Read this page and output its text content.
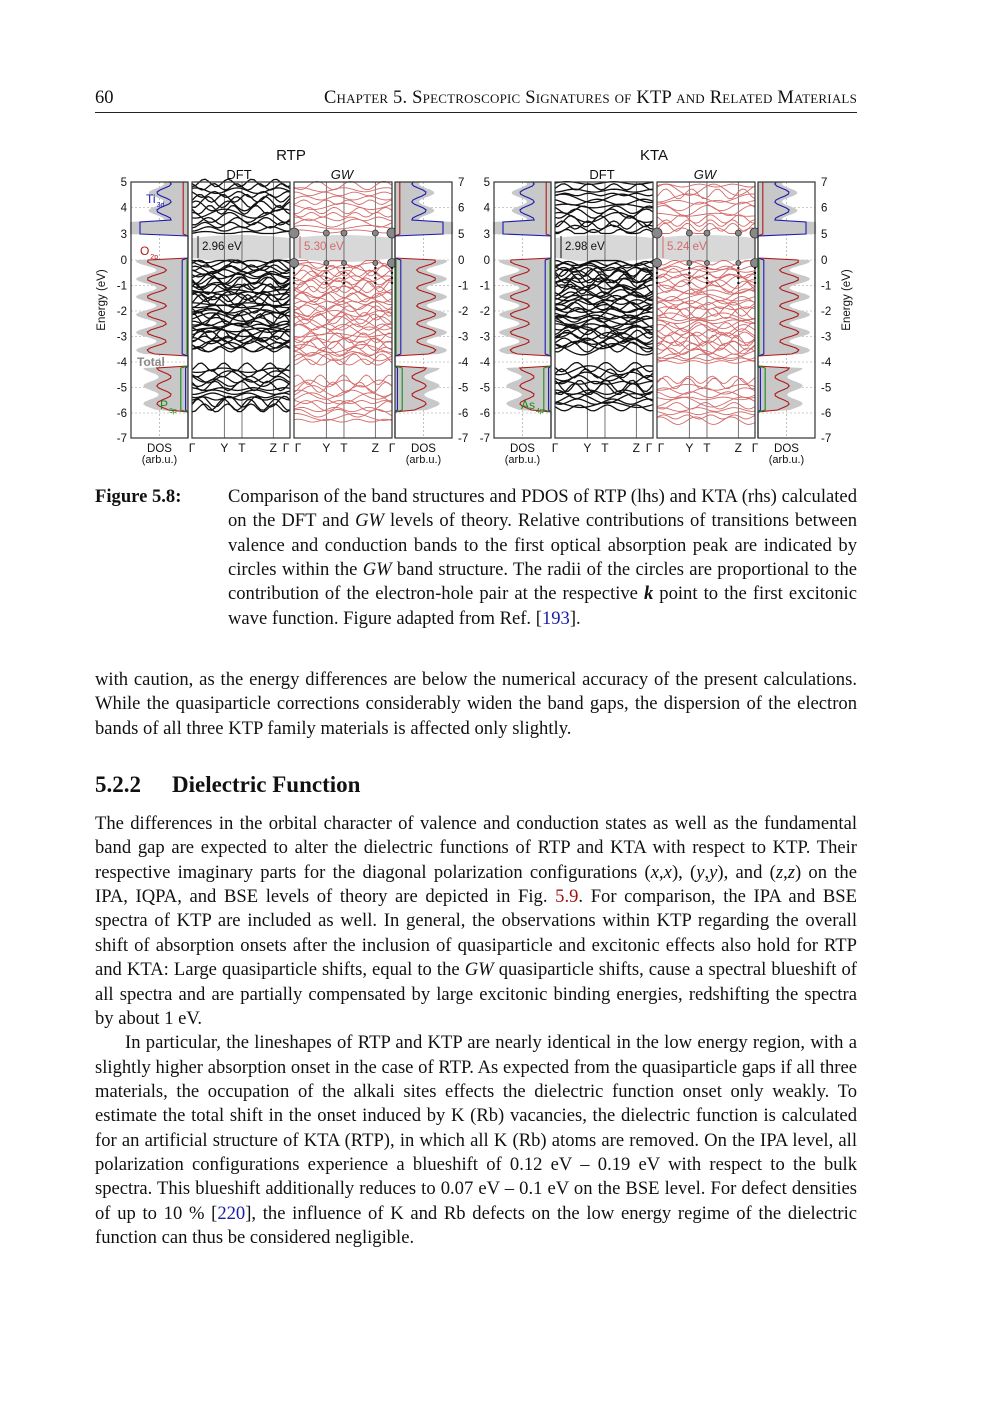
60	Chapter 5. Spectroscopic Signatures of KTP and Related Materials
RTP
DFT	GW
DOS
(arb.u.)
Γ Y T Z Γ
2.96 eV
Γ Y T Z Γ
5.30 eV
DOS
(arb.u.)
KTA
DFT	GW
DOS
(arb.u.)
Γ Y T Z Γ
2.98 eV
Γ Y T Z Γ
5.24 eV
DOS
(arb.u.)
5
4
3
0
-1
-2
-3
-4
-5
-6
-7
7
6
5
0
-1
-2
-3
-4
-5
-6
-7
5
4
3
0
-1
-2
-3
-4
-5
-6
-7
7
6
5
0
-1
-2
-3
-4
-5
-6
-7
Energy (eV)	Energy (eV)
Ti 3d
O 2p
Total
P 3p	As 4p
Figure 5.8:	Comparison of the band structures and PDOS of RTP (lhs) and KTA (rhs) calculated on the DFT and GW levels of theory. Relative contributions of transitions between valence and conduction bands to the first optical absorption peak are indicated by circles within the GW band structure. The radii of the circles are proportional to the contribution of the electron-hole pair at the respective k point to the first excitonic wave function. Figure adapted from Ref. [193].
with caution, as the energy differences are below the numerical accuracy of the present calculations. While the quasiparticle corrections considerably widen the band gaps, the dispersion of the electron bands of all three KTP family materials is affected only slightly.
5.2.2 Dielectric Function
The differences in the orbital character of valence and conduction states as well as the fundamental band gap are expected to alter the dielectric functions of RTP and KTA with respect to KTP. Their respective imaginary parts for the diagonal polarization configurations (x,x), (y,y), and (z,z) on the IPA, IQPA, and BSE levels of theory are depicted in Fig. 5.9. For comparison, the IPA and BSE spectra of KTP are included as well. In general, the observations within KTP regarding the overall shift of absorption onsets after the inclusion of quasiparticle and excitonic effects also hold for RTP and KTA: Large quasiparticle shifts, equal to the GW quasiparticle shifts, cause a spectral blueshift of all spectra and are partially compensated by large excitonic binding energies, redshifting the spectra by about 1 eV.
In particular, the lineshapes of RTP and KTP are nearly identical in the low energy region, with a slightly higher absorption onset in the case of RTP. As expected from the quasiparticle gaps if all three materials, the occupation of the alkali sites effects the dielectric function onset only weakly. To estimate the total shift in the onset induced by K (Rb) vacancies, the dielectric function is calculated for an artificial structure of KTA (RTP), in which all K (Rb) atoms are removed. On the IPA level, all polarization configurations experience a blueshift of 0.12 eV – 0.19 eV with respect to the bulk spectra. This blueshift additionally reduces to 0.07 eV – 0.1 eV on the BSE level. For defect densities of up to 10 % [220], the influence of K and Rb defects on the low energy regime of the dielectric function can thus be considered negligible.
